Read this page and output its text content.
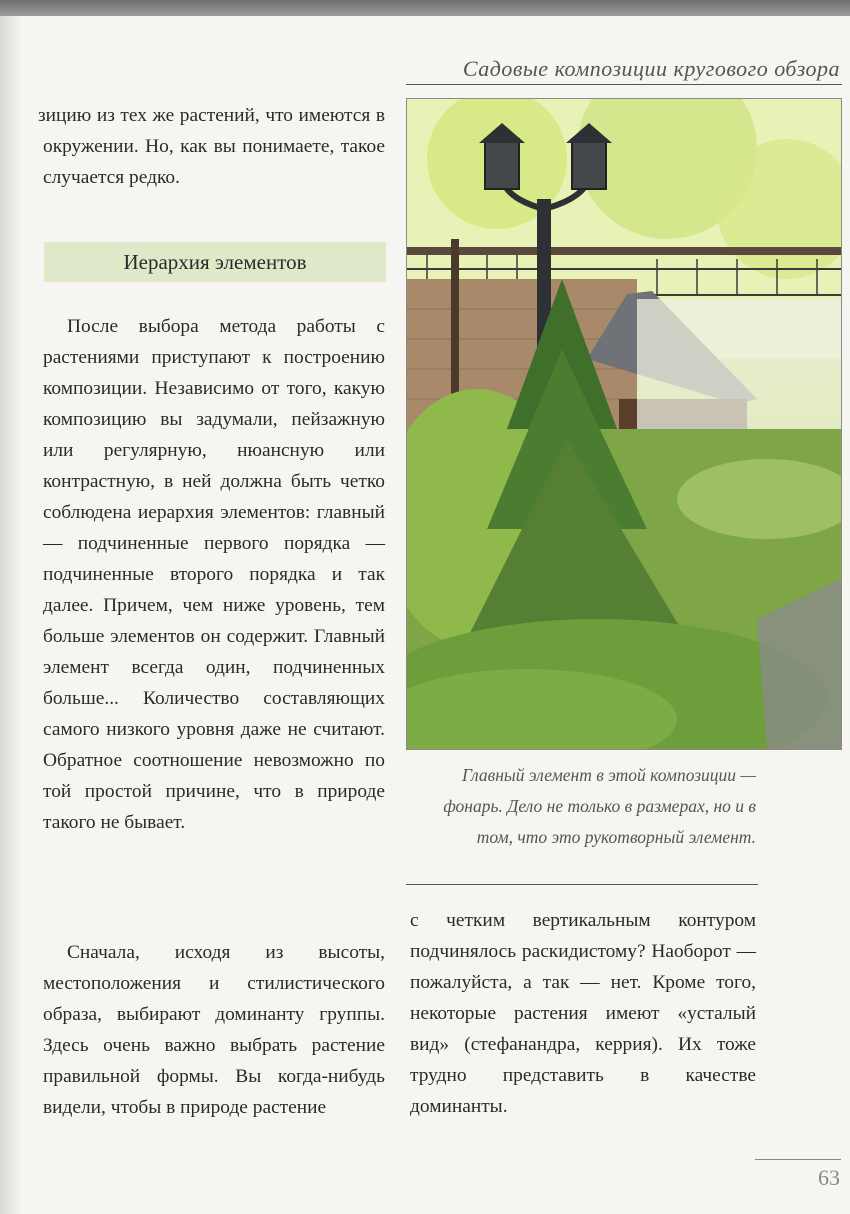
Садовые композиции кругового обзора

зицию из тех же растений, что имеются в окружении. Но, как вы понимаете, такое случается редко.

Иерархия элементов

После выбора метода работы с растениями приступают к построению композиции. Независимо от того, какую композицию вы задумали, пейзажную или регулярную, нюансную или контрастную, в ней должна быть четко соблюдена иерархия элементов: главный — подчиненные первого порядка — подчиненные второго порядка и так далее. Причем, чем ниже уровень, тем больше элементов он содержит. Главный элемент всегда один, подчиненных больше... Количество составляющих самого низкого уровня даже не считают. Обратное соотношение невозможно по той простой причине, что в природе такого не бывает.

Сначала, исходя из высоты, местоположения и стилистического образа, выбирают доминанту группы. Здесь очень важно выбрать растение правильной формы. Вы когда-нибудь видели, чтобы в природе растение

Главный элемент в этой композиции — фонарь. Дело не только в размерах, но и в том, что это рукотворный элемент.

с четким вертикальным контуром подчинялось раскидистому? Наоборот — пожалуйста, а так — нет. Кроме того, некоторые растения имеют «усталый вид» (стефанандра, керрия). Их тоже трудно представить в качестве доминанты.

63
